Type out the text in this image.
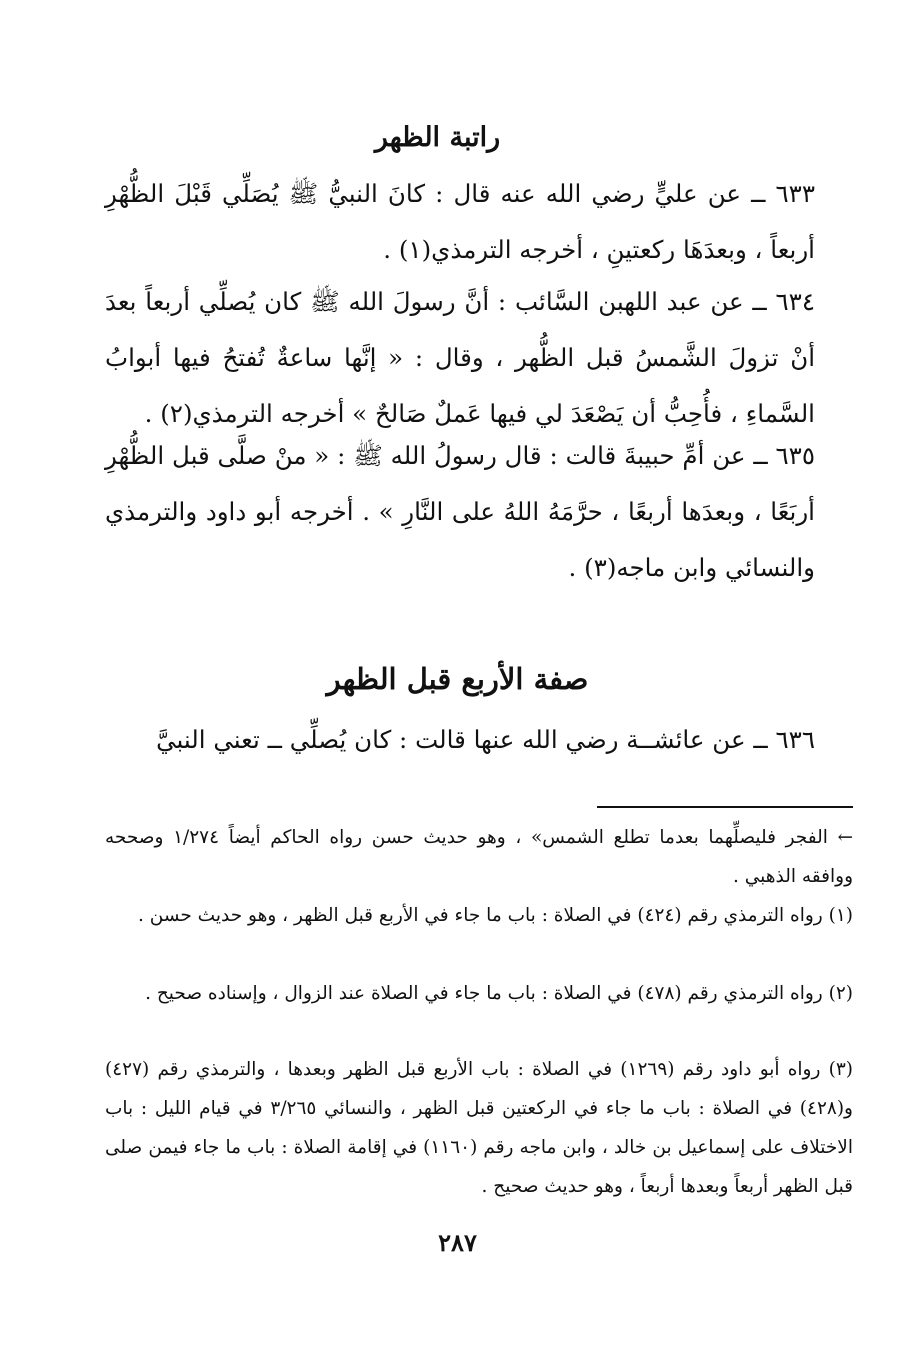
راتبة الظهر
٦٣٣ ــ عن عليٍّ رضي الله عنه قال : كانَ النبيُّ ﷺ يُصَلِّي قَبْلَ الظُّهْرِ أربعاً ، وبعدَهَا ركعتينِ ، أخرجه الترمذي(١) .
٦٣٤ ــ عن عبد اللهبن السَّائب : أنَّ رسولَ الله ﷺ كان يُصلِّي أربعاً بعدَ أنْ تزولَ الشَّمسُ قبل الظُّهر ، وقال : « إنَّها ساعةٌ تُفتحُ فيها أبوابُ السَّماءِ ، فأُحِبُّ أن يَصْعَدَ لي فيها عَملٌ صَالحٌ » أخرجه الترمذي(٢) .
٦٣٥ ــ عن أمِّ حبيبةَ قالت : قال رسولُ الله ﷺ : « منْ صلَّى قبل الظُّهْرِ أربَعًا ، وبعدَها أربعًا ، حرَّمَهُ اللهُ على النَّارِ » . أخرجه أبو داود والترمذي والنسائي وابن ماجه(٣) .
صفة الأربع قبل الظهر
٦٣٦ ــ عن عائشــة رضي الله عنها قالت : كان يُصلِّي ــ تعني النبيَّ
← الفجر فليصلِّهما بعدما تطلع الشمس» ، وهو حديث حسن رواه الحاكم أيضاً ١/٢٧٤ وصححه ووافقه الذهبي .
(١) رواه الترمذي رقم (٤٢٤) في الصلاة : باب ما جاء في الأربع قبل الظهر ، وهو حديث حسن .
(٢) رواه الترمذي رقم (٤٧٨) في الصلاة : باب ما جاء في الصلاة عند الزوال ، وإسناده صحيح .
(٣) رواه أبو داود رقم (١٢٦٩) في الصلاة : باب الأربع قبل الظهر وبعدها ، والترمذي رقم (٤٢٧) و(٤٢٨) في الصلاة : باب ما جاء في الركعتين قبل الظهر ، والنسائي ٣/٢٦٥ في قيام الليل : باب الاختلاف على إسماعيل بن خالد ، وابن ماجه رقم (١١٦٠) في إقامة الصلاة : باب ما جاء فيمن صلى قبل الظهر أربعاً وبعدها أربعاً ، وهو حديث صحيح .
٢٨٧
